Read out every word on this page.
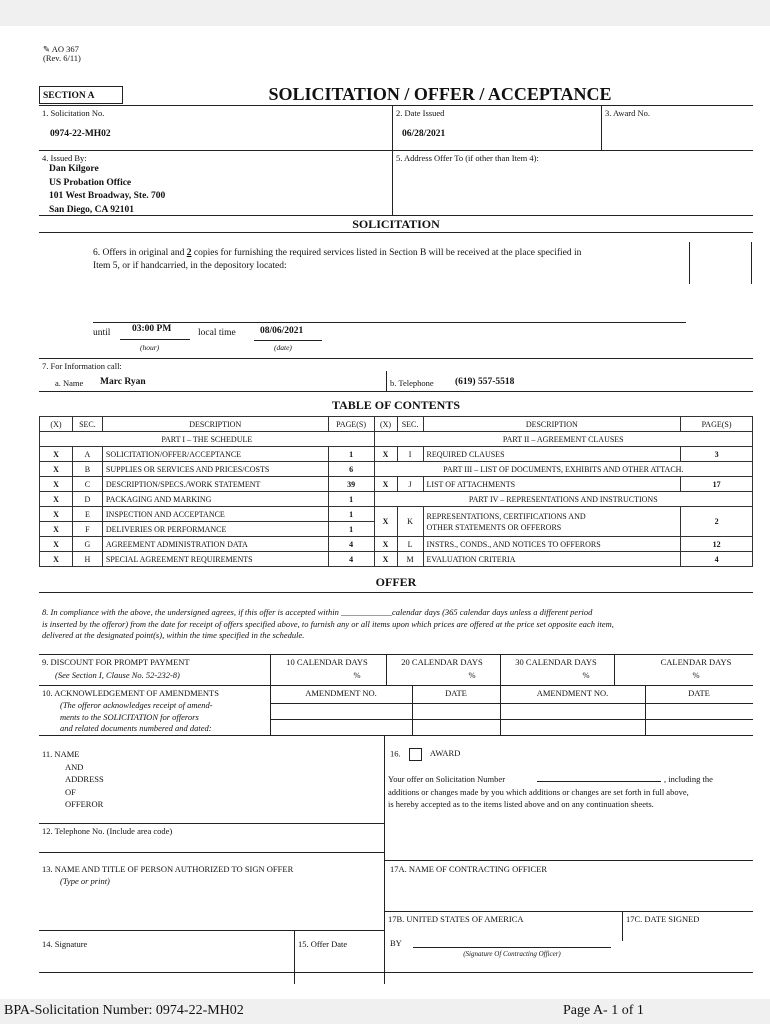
✎ AO 367
(Rev. 6/11)
SECTION A	SOLICITATION / OFFER / ACCEPTANCE
1. Solicitation No.
0974-22-MH02
2. Date Issued
06/28/2021
3. Award No.
4. Issued By:
Dan Kilgore
US Probation Office
101 West Broadway, Ste. 700
San Diego, CA 92101
5. Address Offer To (if other than Item 4):
SOLICITATION
6. Offers in original and 2 copies for furnishing the required services listed in Section B will be received at the place specified in
Item 5, or if handcarried, in the depository located:
until 03:00 PM	local time	08/06/2021
(hour)	(date)
7. For Information call:
a. Name Marc Ryan	b. Telephone (619) 557-5518
TABLE OF CONTENTS
(X)	SEC.	DESCRIPTION	PAGE(S)	(X)	SEC.	DESCRIPTION	PAGE(S)
PART I – THE SCHEDULE				PART II – AGREEMENT CLAUSES			
X	A	SOLICITATION/OFFER/ACCEPTANCE	1	X	I	REQUIRED CLAUSES	3
X	B	SUPPLIES OR SERVICES AND PRICES/COSTS	6	PART III – LIST OF DOCUMENTS, EXHIBITS AND OTHER ATTACH.			
X	C	DESCRIPTION/SPECS./WORK STATEMENT	39	X	J	LIST OF ATTACHMENTS	17
X	D	PACKAGING AND MARKING	1	PART IV – REPRESENTATIONS AND INSTRUCTIONS			
X	E	INSPECTION AND ACCEPTANCE	1	X	K	REPRESENTATIONS, CERTIFICATIONS AND
OTHER STATEMENTS OR OFFERORS	2
X	F	DELIVERIES OR PERFORMANCE	1				
X	G	AGREEMENT ADMINISTRATION DATA	4	X	L	INSTRS., CONDS., AND NOTICES TO OFFERORS	12
X	H	SPECIAL AGREEMENT REQUIREMENTS	4	X	M	EVALUATION CRITERIA	4
OFFER
8. In compliance with the above, the undersigned agrees, if this offer is accepted within ____________calendar days (365 calendar days unless a different period
is inserted by the offeror) from the date for receipt of offers specified above, to furnish any or all items upon which prices are offered at the price set opposite each item,
delivered at the designated point(s), within the time specified in the schedule.
9. DISCOUNT FOR PROMPT PAYMENT
(See Section I, Clause No. 52-232-8)
10 CALENDAR DAYS
%
20 CALENDAR DAYS
%
30 CALENDAR DAYS
%
CALENDAR DAYS
%
10. ACKNOWLEDGEMENT OF AMENDMENTS
(The offeror acknowledges receipt of amend-
ments to the SOLICITATION for offerors
and related documents numbered and dated:
AMENDMENT NO.	DATE	AMENDMENT NO.	DATE
11. NAME
AND
ADDRESS
OF
OFFEROR
16.	AWARD
Your offer on Solicitation Number	, including the
additions or changes made by you which additions or changes are set forth in full above,
is hereby accepted as to the items listed above and on any continuation sheets.
12. Telephone No. (Include area code)
13. NAME AND TITLE OF PERSON AUTHORIZED TO SIGN OFFER
(Type or print)
17A. NAME OF CONTRACTING OFFICER
17B. UNITED STATES OF AMERICA	17C. DATE SIGNED
14. Signature	15. Offer Date	BY
(Signature Of Contracting Officer)
BPA-Solicitation Number: 0974-22-MH02	Page A- 1 of 1
